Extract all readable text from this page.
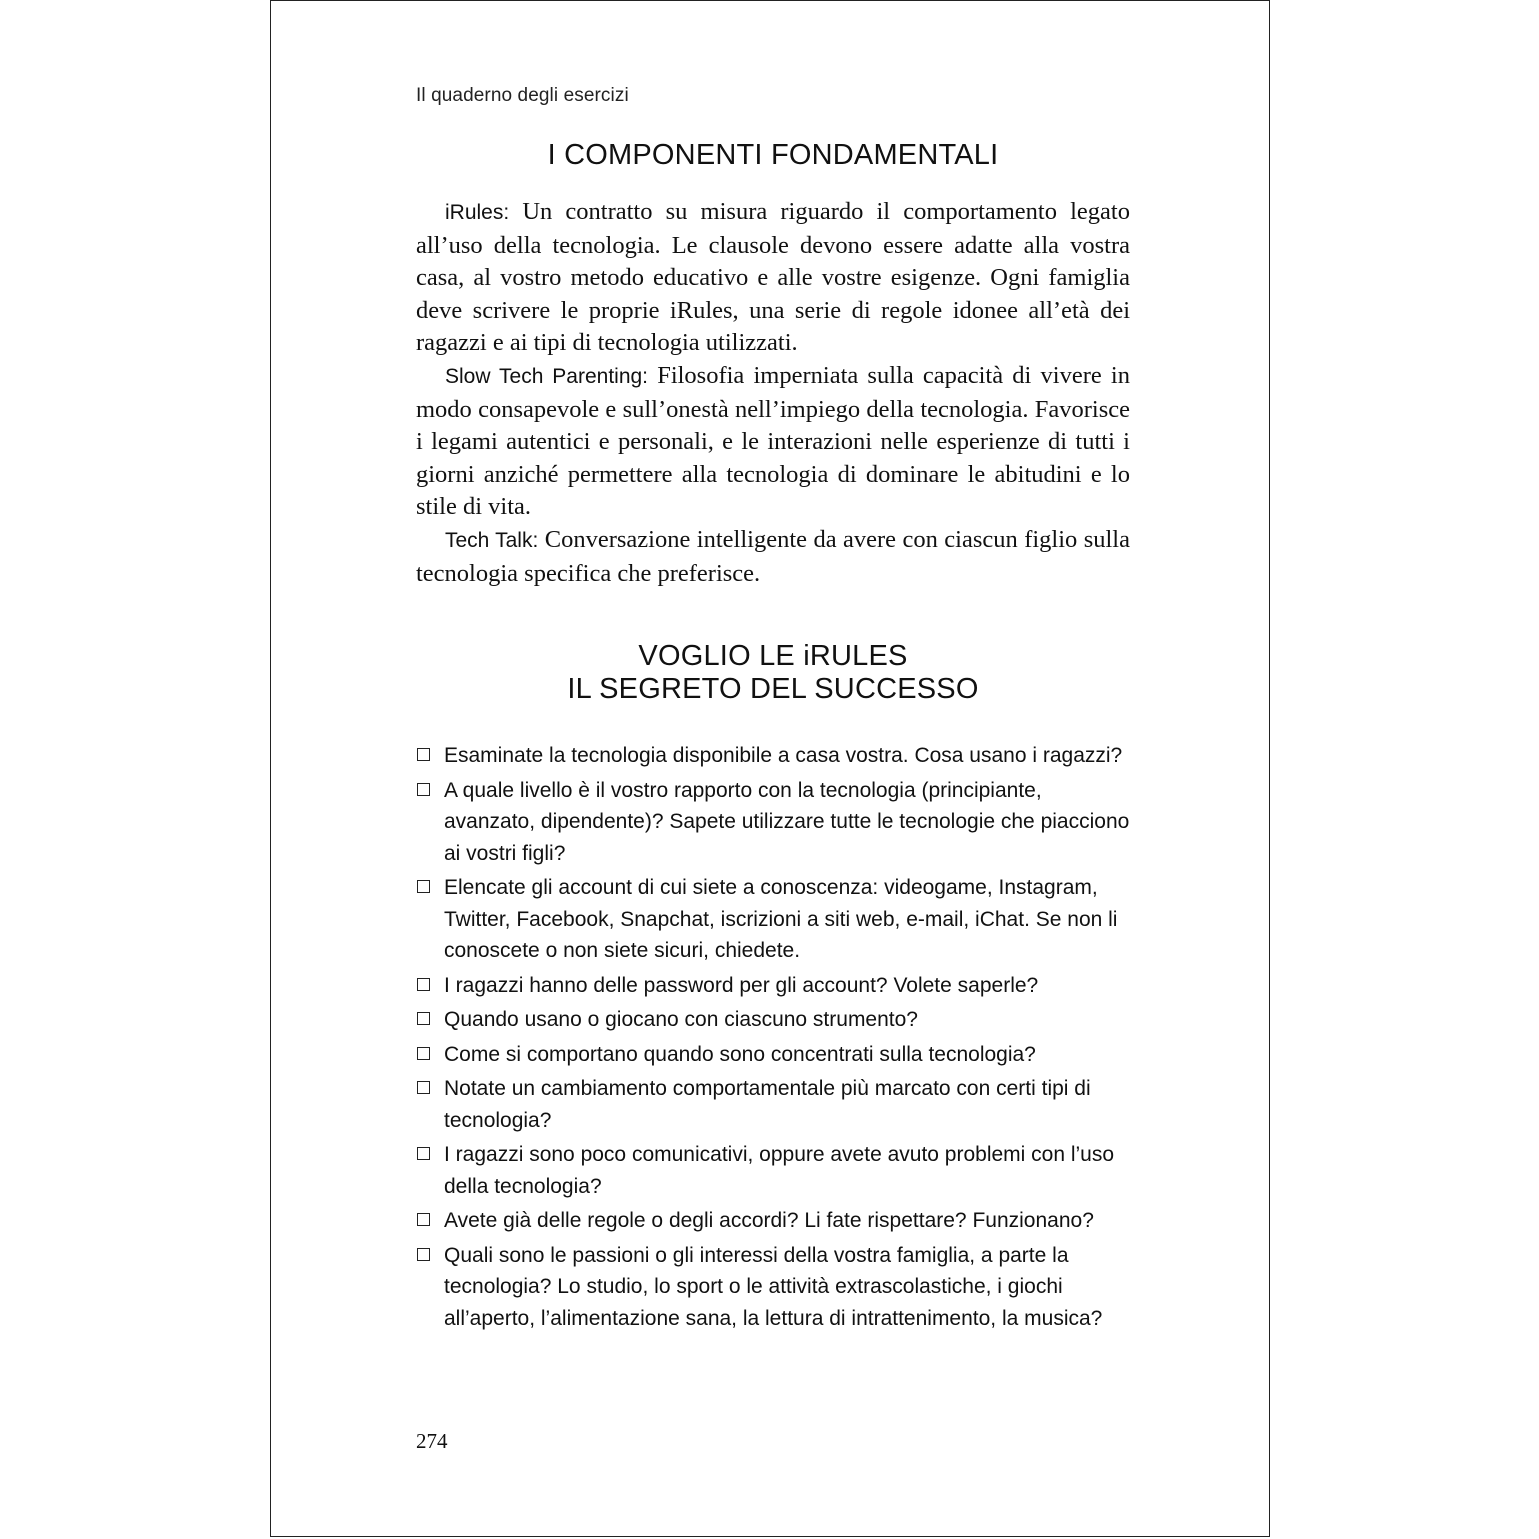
Il quaderno degli esercizi
I COMPONENTI FONDAMENTALI

iRules: Un contratto su misura riguardo il comportamento legato all’uso della tecnologia. Le clausole devono essere adatte alla vostra casa, al vostro metodo educativo e alle vostre esigenze. Ogni famiglia deve scrivere le proprie iRules, una serie di regole idonee all’età dei ragazzi e ai tipi di tecnologia utilizzati.

Slow Tech Parenting: Filosofia imperniata sulla capacità di vivere in modo consapevole e sull’onestà nell’impiego della tecnologia. Favorisce i legami autentici e personali, e le interazioni nelle esperienze di tutti i giorni anziché permettere alla tecnologia di dominare le abitudini e lo stile di vita.

Tech Talk: Conversazione intelligente da avere con ciascun figlio sulla tecnologia specifica che preferisce.

VOGLIO LE iRULES
IL SEGRETO DEL SUCCESSO
Esaminate la tecnologia disponibile a casa vostra. Cosa usano i ragazzi?
A quale livello è il vostro rapporto con la tecnologia (principiante, avanzato, dipendente)? Sapete utilizzare tutte le tecnologie che piacciono ai vostri figli?
Elencate gli account di cui siete a conoscenza: videogame, Instagram, Twitter, Facebook, Snapchat, iscrizioni a siti web, e-mail, iChat. Se non li conoscete o non siete sicuri, chiedete.
I ragazzi hanno delle password per gli account? Volete saperle?
Quando usano o giocano con ciascuno strumento?
Come si comportano quando sono concentrati sulla tecnologia?
Notate un cambiamento comportamentale più marcato con certi tipi di tecnologia?
I ragazzi sono poco comunicativi, oppure avete avuto problemi con l’uso della tecnologia?
Avete già delle regole o degli accordi? Li fate rispettare? Funzionano?
Quali sono le passioni o gli interessi della vostra famiglia, a parte la tecnologia? Lo studio, lo sport o le attività extrascolastiche, i giochi all’aperto, l’alimentazione sana, la lettura di intrattenimento, la musica?
274
